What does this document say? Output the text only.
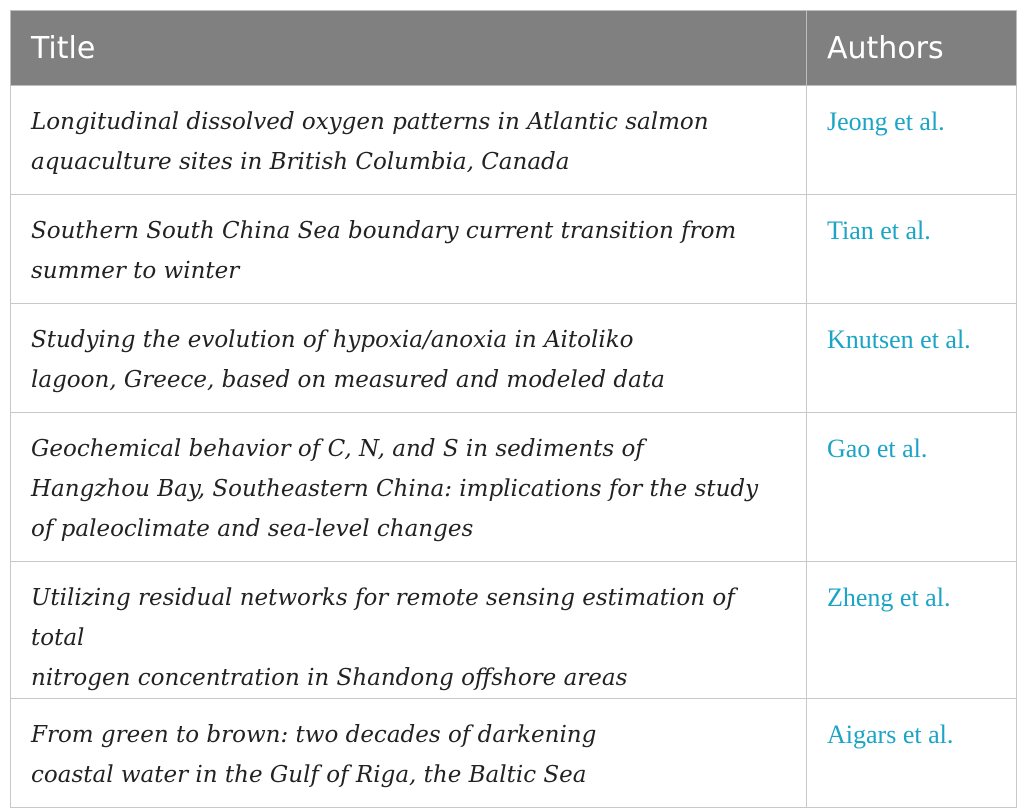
Title	Authors

Longitudinal dissolved oxygen patterns in Atlantic salmon
aquaculture sites in British Columbia, Canada	Jeong et al.

Southern South China Sea boundary current transition from
summer to winter	Tian et al.

Studying the evolution of hypoxia/anoxia in Aitoliko
lagoon, Greece, based on measured and modeled data	Knutsen et al.

Geochemical behavior of C, N, and S in sediments of
Hangzhou Bay, Southeastern China: implications for the study
of paleoclimate and sea-level changes	Gao et al.

Utilizing residual networks for remote sensing estimation of total
nitrogen concentration in Shandong offshore areas	Zheng et al.

From green to brown: two decades of darkening
coastal water in the Gulf of Riga, the Baltic Sea	Aigars et al.
